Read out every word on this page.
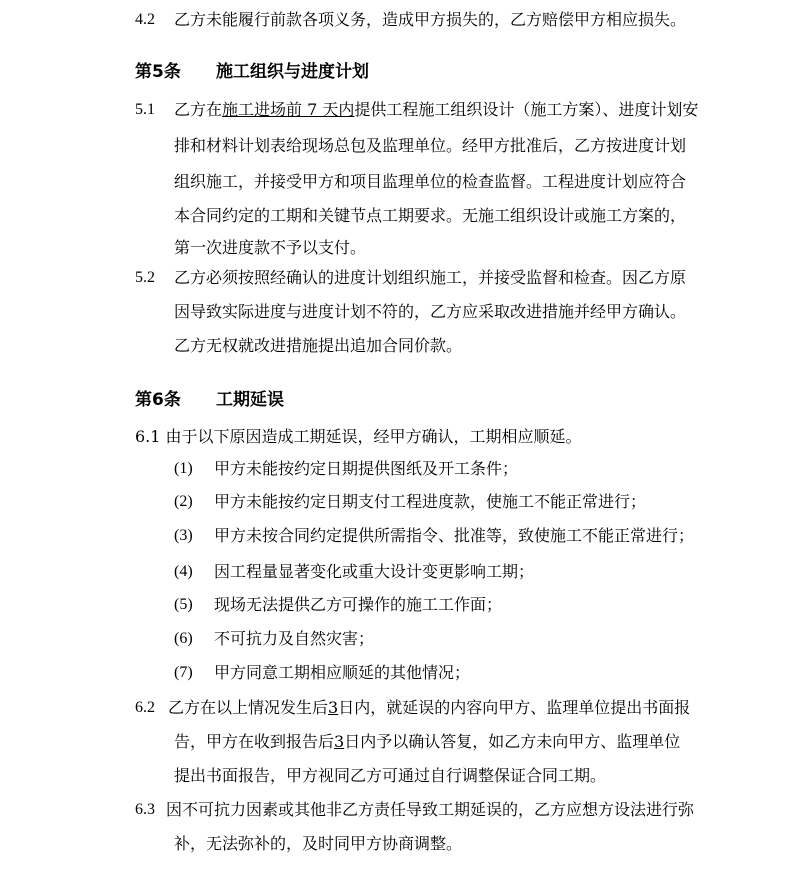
4.2 乙方未能履行前款各项义务，造成甲方损失的，乙方赔偿甲方相应损失。
第5条 施工组织与进度计划
5.1 乙方在施工进场前 7 天内提供工程施工组织设计（施工方案）、进度计划安
排和材料计划表给现场总包及监理单位。经甲方批准后，乙方按进度计划
组织施工，并接受甲方和项目监理单位的检查监督。工程进度计划应符合
本合同约定的工期和关键节点工期要求。无施工组织设计或施工方案的，
第一次进度款不予以支付。
5.2 乙方必须按照经确认的进度计划组织施工，并接受监督和检查。因乙方原
因导致实际进度与进度计划不符的，乙方应采取改进措施并经甲方确认。
乙方无权就改进措施提出追加合同价款。
第6条 工期延误
6.1 由于以下原因造成工期延误，经甲方确认，工期相应顺延。
(1) 甲方未能按约定日期提供图纸及开工条件；
(2) 甲方未能按约定日期支付工程进度款，使施工不能正常进行；
(3) 甲方未按合同约定提供所需指令、批准等，致使施工不能正常进行；
(4) 因工程量显著变化或重大设计变更影响工期；
(5) 现场无法提供乙方可操作的施工工作面；
(6) 不可抗力及自然灾害；
(7) 甲方同意工期相应顺延的其他情况；
6.2 乙方在以上情况发生后3日内，就延误的内容向甲方、监理单位提出书面报
告，甲方在收到报告后3日内予以确认答复，如乙方未向甲方、监理单位
提出书面报告，甲方视同乙方可通过自行调整保证合同工期。
6.3 因不可抗力因素或其他非乙方责任导致工期延误的，乙方应想方设法进行弥
补，无法弥补的，及时同甲方协商调整。
